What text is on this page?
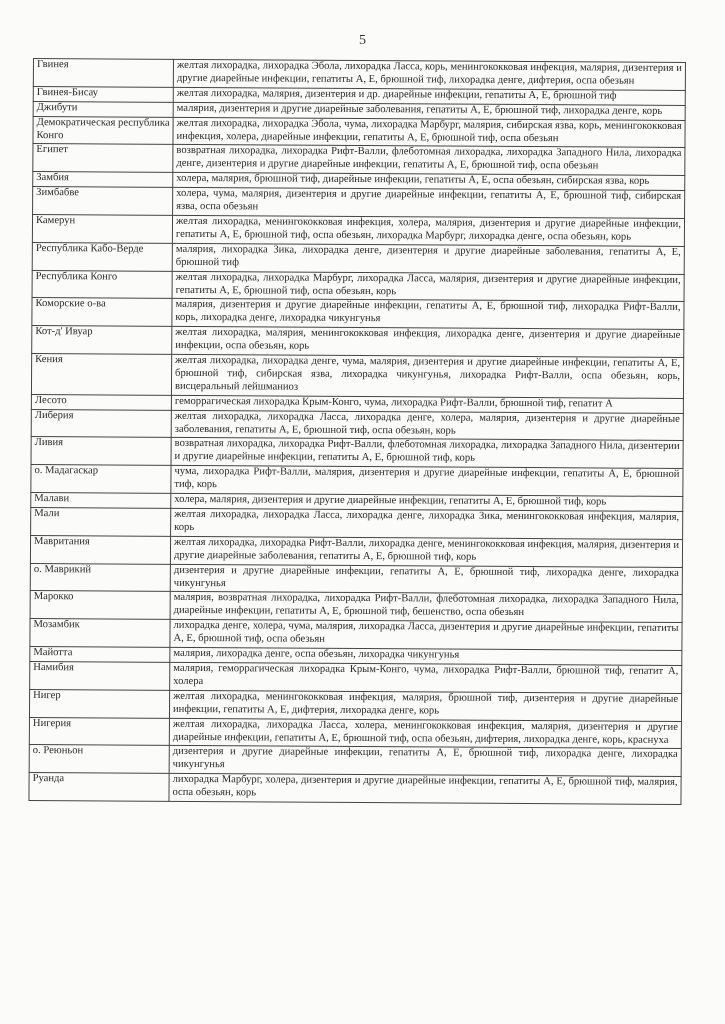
5
Гвинея	желтая лихорадка, лихорадка Эбола, лихорадка Ласса, корь, менингококковая инфекция, малярия, дизентерия и другие диарейные инфекции, гепатиты А, Е, брюшной тиф, лихорадка денге, дифтерия, оспа обезьян
Гвинея-Бисау	желтая лихорадка, малярия, дизентерия и др. диарейные инфекции, гепатиты А, Е, брюшной тиф
Джибути	малярия, дизентерия и другие диарейные заболевания, гепатиты А, Е, брюшной тиф, лихорадка денге, корь
Демократическая республика Конго	желтая лихорадка, лихорадка Эбола, чума, лихорадка Марбург, малярия, сибирская язва, корь, менингококковая инфекция, холера, диарейные инфекции, гепатиты А, Е, брюшной тиф, оспа обезьян
Египет	возвратная лихорадка, лихорадка Рифт-Валли, флеботомная лихорадка, лихорадка Западного Нила, лихорадка денге, дизентерия и другие диарейные инфекции, гепатиты А, Е, брюшной тиф, оспа обезьян
Замбия	холера, малярия, брюшной тиф, диарейные инфекции, гепатиты А, Е, оспа обезьян, сибирская язва, корь
Зимбабве	холера, чума, малярия, дизентерия и другие диарейные инфекции, гепатиты А, Е, брюшной тиф, сибирская язва, оспа обезьян
Камерун	желтая лихорадка, менингококковая инфекция, холера, малярия, дизентерия и другие диарейные инфекции, гепатиты А, Е, брюшной тиф, оспа обезьян, лихорадка Марбург, лихорадка денге, оспа обезьян, корь
Республика Кабо-Верде	малярия, лихорадка Зика, лихорадка денге, дизентерия и другие диарейные заболевания, гепатиты А, Е, брюшной тиф
Республика Конго	желтая лихорадка, лихорадка Марбург, лихорадка Ласса, малярия, дизентерия и другие диарейные инфекции, гепатиты А, Е, брюшной тиф, оспа обезьян, корь
Коморские о-ва	малярия, дизентерия и другие диарейные инфекции, гепатиты А, Е, брюшной тиф, лихорадка Рифт-Валли, корь, лихорадка денге, лихорадка чикунгунья
Кот-д' Ивуар	желтая лихорадка, малярия, менингококковая инфекция, лихорадка денге, дизентерия и другие диарейные инфекции, оспа обезьян, корь
Кения	желтая лихорадка, лихорадка денге, чума, малярия, дизентерия и другие диарейные инфекции, гепатиты А, Е, брюшной тиф, сибирская язва, лихорадка чикунгунья, лихорадка Рифт-Валли, оспа обезьян, корь, висцеральный лейшманиоз
Лесото	геморрагическая лихорадка Крым-Конго, чума, лихорадка Рифт-Валли, брюшной тиф, гепатит А
Либерия	желтая лихорадка, лихорадка Ласса, лихорадка денге, холера, малярия, дизентерия и другие диарейные заболевания, гепатиты А, Е, брюшной тиф, оспа обезьян, корь
Ливия	возвратная лихорадка, лихорадка Рифт-Валли, флеботомная лихорадка, лихорадка Западного Нила, дизентерии и другие диарейные инфекции, гепатиты А, Е, брюшной тиф, корь
о. Мадагаскар	чума, лихорадка Рифт-Валли, малярия, дизентерия и другие диарейные инфекции, гепатиты А, Е, брюшной тиф, корь
Малави	холера, малярия, дизентерия и другие диарейные инфекции, гепатиты А, Е, брюшной тиф, корь
Мали	желтая лихорадка, лихорадка Ласса, лихорадка денге, лихорадка Зика, менингококковая инфекция, малярия, корь
Мавритания	желтая лихорадка, лихорадка Рифт-Валли, лихорадка денге, менингококковая инфекция, малярия, дизентерия и другие диарейные заболевания, гепатиты А, Е, брюшной тиф, корь
о. Маврикий	дизентерия и другие диарейные инфекции, гепатиты А, Е, брюшной тиф, лихорадка денге, лихорадка чикунгунья
Марокко	малярия, возвратная лихорадка, лихорадка Рифт-Валли, флеботомная лихорадка, лихорадка Западного Нила, диарейные инфекции, гепатиты А, Е, брюшной тиф, бешенство, оспа обезьян
Мозамбик	лихорадка денге, холера, чума, малярия, лихорадка Ласса, дизентерия и другие диарейные инфекции, гепатиты А, Е, брюшной тиф, оспа обезьян
Майотта	малярия, лихорадка денге, оспа обезьян, лихорадка чикунгунья
Намибия	малярия, геморрагическая лихорадка Крым-Конго, чума, лихорадка Рифт-Валли, брюшной тиф, гепатит А, холера
Нигер	желтая лихорадка, менингококковая инфекция, малярия, брюшной тиф, дизентерия и другие диарейные инфекции, гепатиты А, Е, дифтерия, лихорадка денге, корь
Нигерия	желтая лихорадка, лихорадка Ласса, холера, менингококковая инфекция, малярия, дизентерия и другие диарейные инфекции, гепатиты А, Е, брюшной тиф, оспа обезьян, дифтерия, лихорадка денге, корь, краснуха
о. Реюньон	дизентерия и другие диарейные инфекции, гепатиты А, Е, брюшной тиф, лихорадка денге, лихорадка чикунгунья
Руанда	лихорадка Марбург, холера, дизентерия и другие диарейные инфекции, гепатиты А, Е, брюшной тиф, малярия, оспа обезьян, корь
